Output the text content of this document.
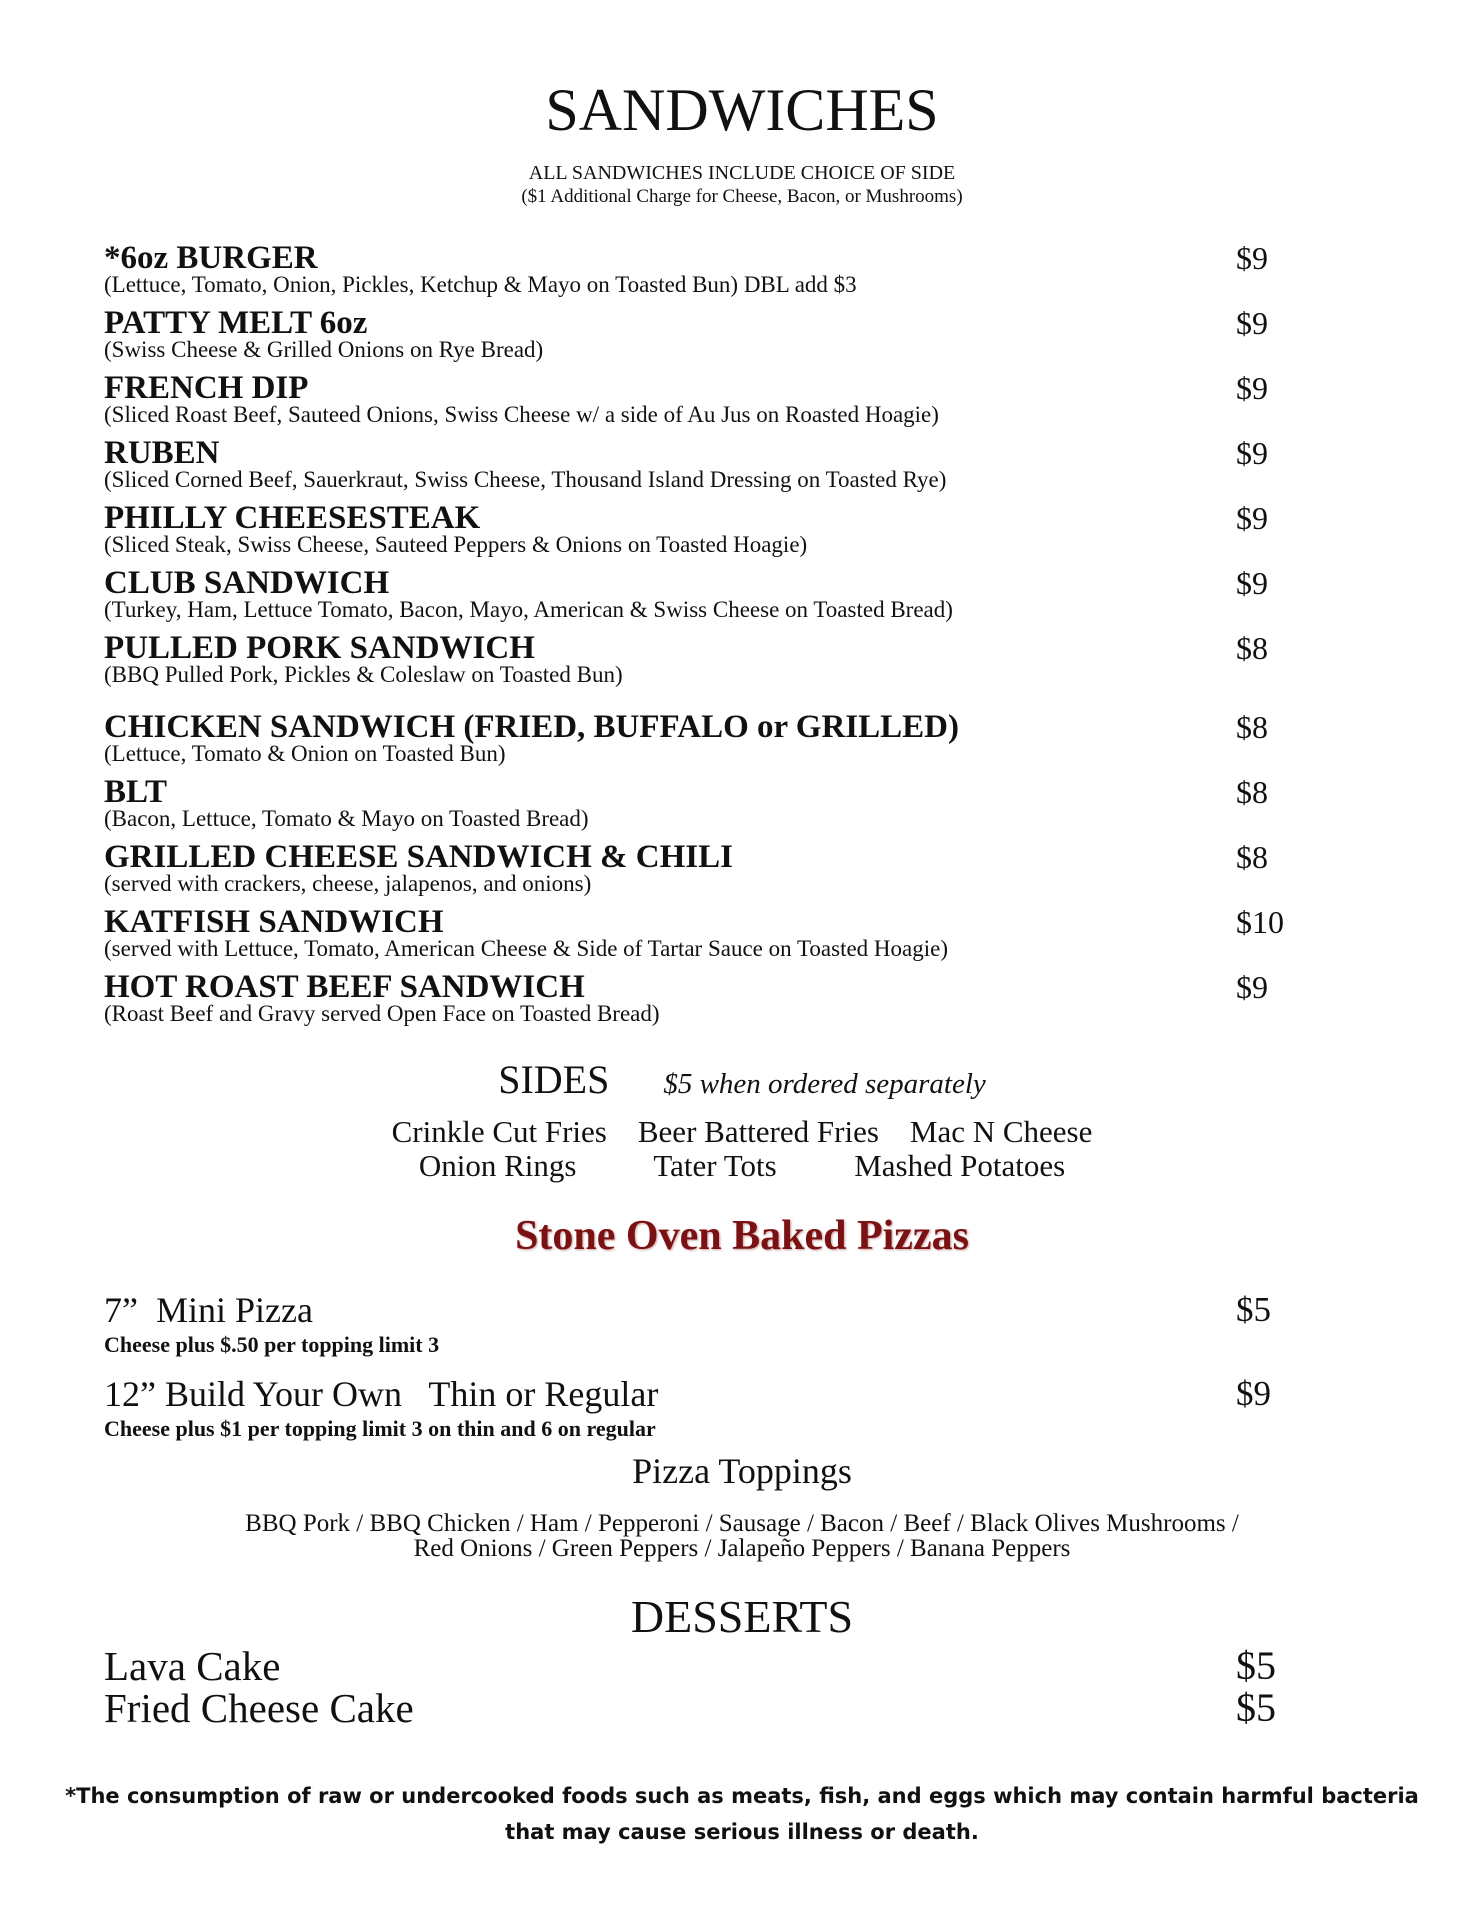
SANDWICHES
ALL SANDWICHES INCLUDE CHOICE OF SIDE
($1 Additional Charge for Cheese, Bacon, or Mushrooms)
*6oz BURGER
(Lettuce, Tomato, Onion, Pickles, Ketchup & Mayo on Toasted Bun) DBL add $3
$9
PATTY MELT 6oz
(Swiss Cheese & Grilled Onions on Rye Bread)
$9
FRENCH DIP
(Sliced Roast Beef, Sauteed Onions, Swiss Cheese w/ a side of Au Jus on Roasted Hoagie)
$9
RUBEN
(Sliced Corned Beef, Sauerkraut, Swiss Cheese, Thousand Island Dressing on Toasted Rye)
$9
PHILLY CHEESESTEAK
(Sliced Steak, Swiss Cheese, Sauteed Peppers & Onions on Toasted Hoagie)
$9
CLUB SANDWICH
(Turkey, Ham, Lettuce Tomato, Bacon, Mayo, American & Swiss Cheese on Toasted Bread)
$9
PULLED PORK SANDWICH
(BBQ Pulled Pork, Pickles & Coleslaw on Toasted Bun)
$8
CHICKEN SANDWICH (FRIED, BUFFALO or GRILLED)
(Lettuce, Tomato & Onion on Toasted Bun)
$8
BLT
(Bacon, Lettuce, Tomato & Mayo on Toasted Bread)
$8
GRILLED CHEESE SANDWICH & CHILI
(served with crackers, cheese, jalapenos, and onions)
$8
KATFISH SANDWICH
(served with Lettuce, Tomato, American Cheese & Side of Tartar Sauce on Toasted Hoagie)
$10
HOT ROAST BEEF SANDWICH
(Roast Beef and Gravy served Open Face on Toasted Bread)
$9
SIDES $5 when ordered separately
Crinkle Cut Fries    Beer Battered Fries    Mac N Cheese
Onion Rings          Tater Tots          Mashed Potatoes
Stone Oven Baked Pizzas
7”  Mini Pizza
Cheese plus $.50 per topping limit 3
$5
12” Build Your Own   Thin or Regular
Cheese plus $1 per topping limit 3 on thin and 6 on regular
$9
Pizza Toppings
BBQ Pork / BBQ Chicken / Ham / Pepperoni / Sausage / Bacon / Beef / Black Olives Mushrooms /
Red Onions / Green Peppers / Jalapeño Peppers / Banana Peppers
DESSERTS
Lava Cake	$5
Fried Cheese Cake	$5
*The consumption of raw or undercooked foods such as meats, fish, and eggs which may contain harmful bacteria
that may cause serious illness or death.
